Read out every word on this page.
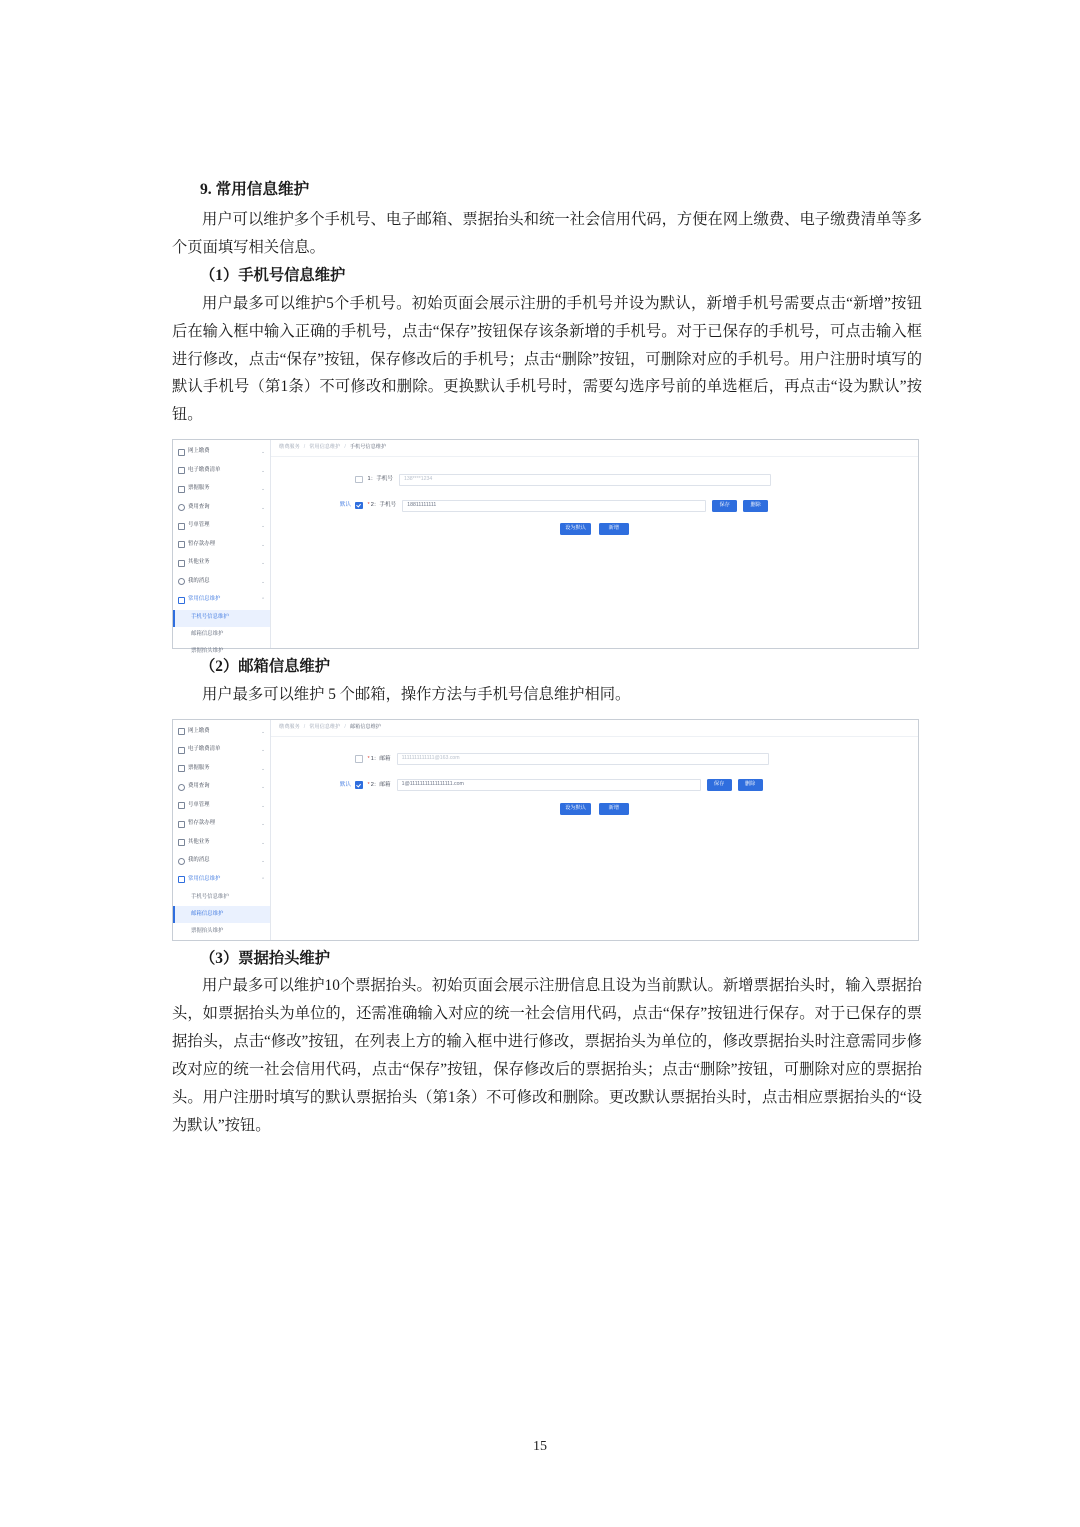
9. 常用信息维护

用户可以维护多个手机号、电子邮箱、票据抬头和统一社会信用代码，方便在网上缴费、电子缴费清单等多个页面填写相关信息。

（1）手机号信息维护

用户最多可以维护5个手机号。初始页面会展示注册的手机号并设为默认，新增手机号需要点击“新增”按钮后在输入框中输入正确的手机号，点击“保存”按钮保存该条新增的手机号。对于已保存的手机号，可点击输入框进行修改，点击“保存”按钮，保存修改后的手机号；点击“删除”按钮，可删除对应的手机号。用户注册时填写的默认手机号（第1条）不可修改和删除。更换默认手机号时，需要勾选序号前的单选框后，再点击“设为默认”按钮。

网上缴费	⌄
电子缴费清单	⌄
票据服务	⌄
费用查询	⌄
号单管理	⌄
暂存款办理	⌄
其他业务	⌄
我的消息	⌄
常用信息维护	⌃
手机号信息维护
邮箱信息维护
票据抬头维护
缴费服务 / 常用信息维护 / 手机号信息维护
1：手机号	138****1234
默认	*2：手机号	18811111111	保存	删除
设为默认	新增

（2）邮箱信息维护

用户最多可以维护 5 个邮箱，操作方法与手机号信息维护相同。

网上缴费	⌄
电子缴费清单	⌄
票据服务	⌄
费用查询	⌄
号单管理	⌄
暂存款办理	⌄
其他业务	⌄
我的消息	⌄
常用信息维护	⌃
手机号信息维护
邮箱信息维护
票据抬头维护
缴费服务 / 常用信息维护 / 邮箱信息维护
*1：邮箱	1111111111111@163.com
默认	*2：邮箱	1@11111111111111111.com	保存	删除
设为默认	新增

（3）票据抬头维护

用户最多可以维护10个票据抬头。初始页面会展示注册信息且设为当前默认。新增票据抬头时，输入票据抬头，如票据抬头为单位的，还需准确输入对应的统一社会信用代码，点击“保存”按钮进行保存。对于已保存的票据抬头，点击“修改”按钮，在列表上方的输入框中进行修改，票据抬头为单位的，修改票据抬头时注意需同步修改对应的统一社会信用代码，点击“保存”按钮，保存修改后的票据抬头；点击“删除”按钮，可删除对应的票据抬头。用户注册时填写的默认票据抬头（第1条）不可修改和删除。更改默认票据抬头时，点击相应票据抬头的“设为默认”按钮。

15
